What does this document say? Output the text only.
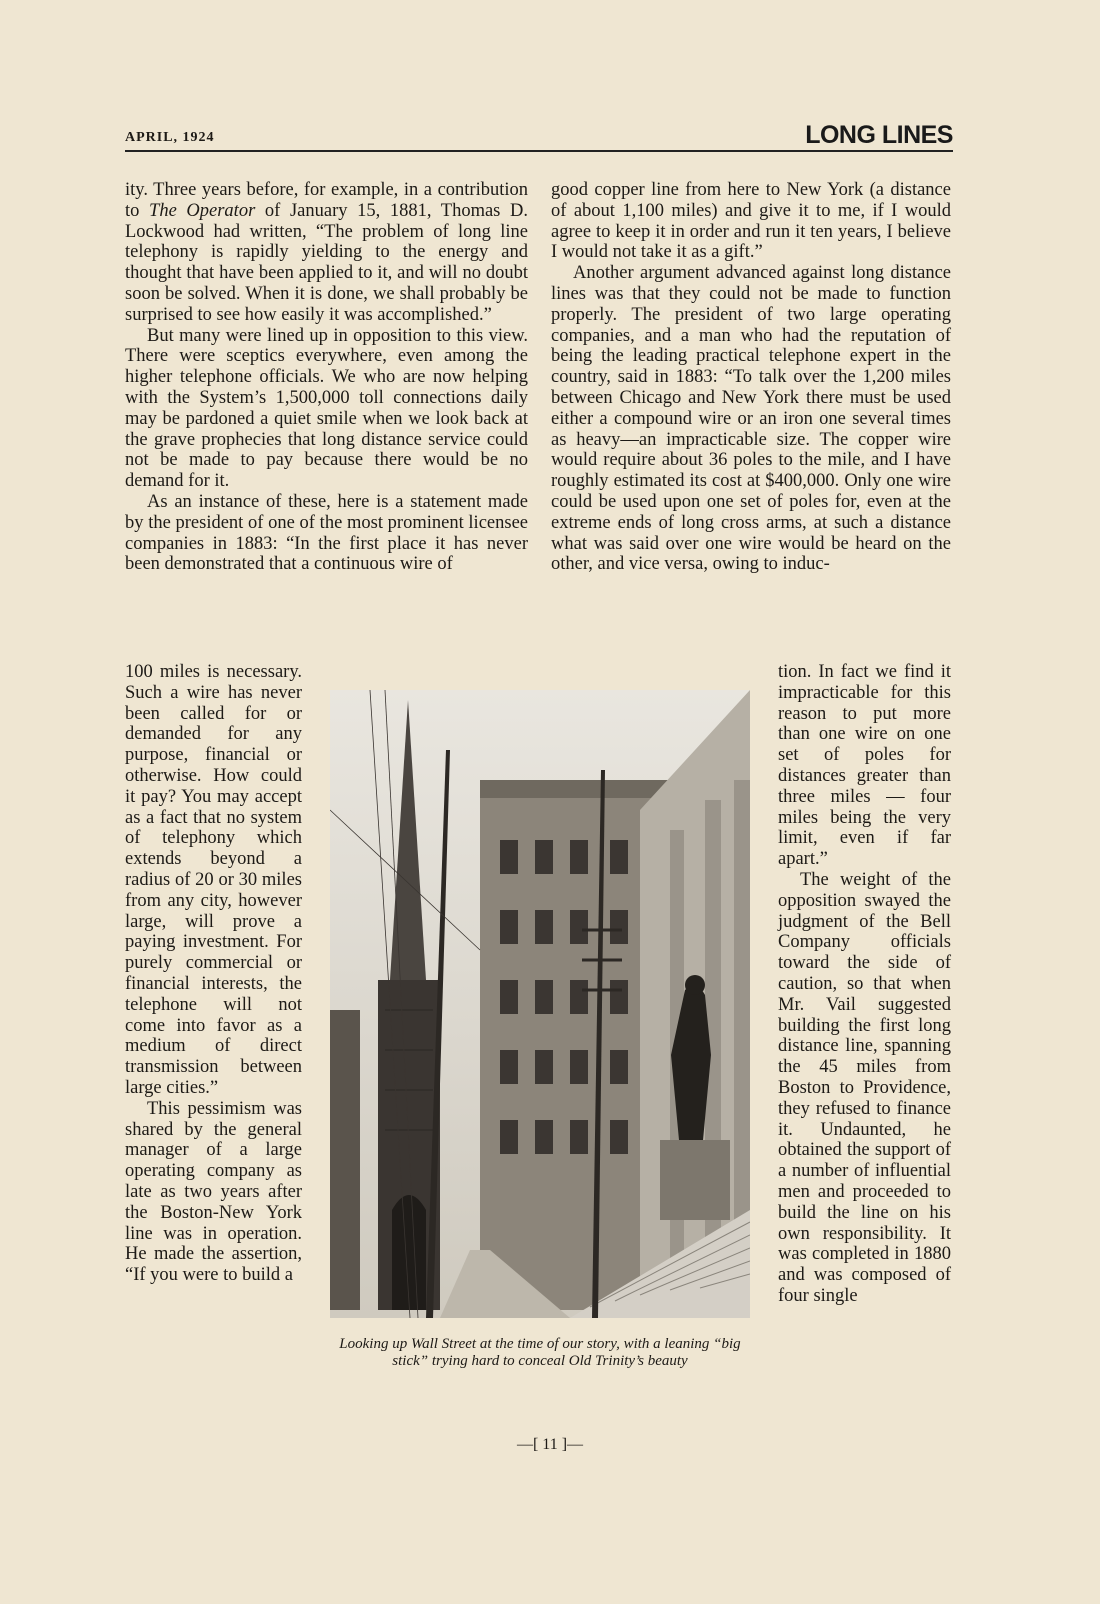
APRIL, 1924	LONG LINES

ity. Three years before, for example, in a contribution to The Operator of January 15, 1881, Thomas D. Lockwood had written, “The problem of long line telephony is rapidly yielding to the energy and thought that have been applied to it, and will no doubt soon be solved. When it is done, we shall probably be surprised to see how easily it was accomplished.”

But many were lined up in opposition to this view. There were sceptics everywhere, even among the higher telephone officials. We who are now helping with the System’s 1,500,000 toll connections daily may be pardoned a quiet smile when we look back at the grave prophecies that long distance service could not be made to pay because there would be no demand for it.

As an instance of these, here is a statement made by the president of one of the most prominent licensee companies in 1883: “In the first place it has never been demonstrated that a continuous wire of

100 miles is necessary. Such a wire has never been called for or demanded for any purpose, financial or otherwise. How could it pay? You may accept as a fact that no system of telephony which extends beyond a radius of 20 or 30 miles from any city, however large, will prove a paying investment. For purely commercial or financial interests, the telephone will not come into favor as a medium of direct transmission between large cities.”

This pessimism was shared by the general manager of a large operating company as late as two years after the Boston-New York line was in operation. He made the assertion, “If you were to build a

good copper line from here to New York (a distance of about 1,100 miles) and give it to me, if I would agree to keep it in order and run it ten years, I believe I would not take it as a gift.”

Another argument advanced against long distance lines was that they could not be made to function properly. The president of two large operating companies, and a man who had the reputation of being the leading practical telephone expert in the country, said in 1883: “To talk over the 1,200 miles between Chicago and New York there must be used either a compound wire or an iron one several times as heavy—an impracticable size. The copper wire would require about 36 poles to the mile, and I have roughly estimated its cost at $400,000. Only one wire could be used upon one set of poles for, even at the extreme ends of long cross arms, at such a distance what was said over one wire would be heard on the other, and vice versa, owing to induc-

tion. In fact we find it impracticable for this reason to put more than one wire on one set of poles for distances greater than three miles — four miles being the very limit, even if far apart.”

The weight of the opposition swayed the judgment of the Bell Company officials toward the side of caution, so that when Mr. Vail suggested building the first long distance line, spanning the 45 miles from Boston to Providence, they refused to finance it. Undaunted, he obtained the support of a number of influential men and proceeded to build the line on his own responsibility. It was completed in 1880 and was composed of four single

Looking up Wall Street at the time of our story, with a leaning “big stick” trying hard to conceal Old Trinity’s beauty
—[ 11 ]—
